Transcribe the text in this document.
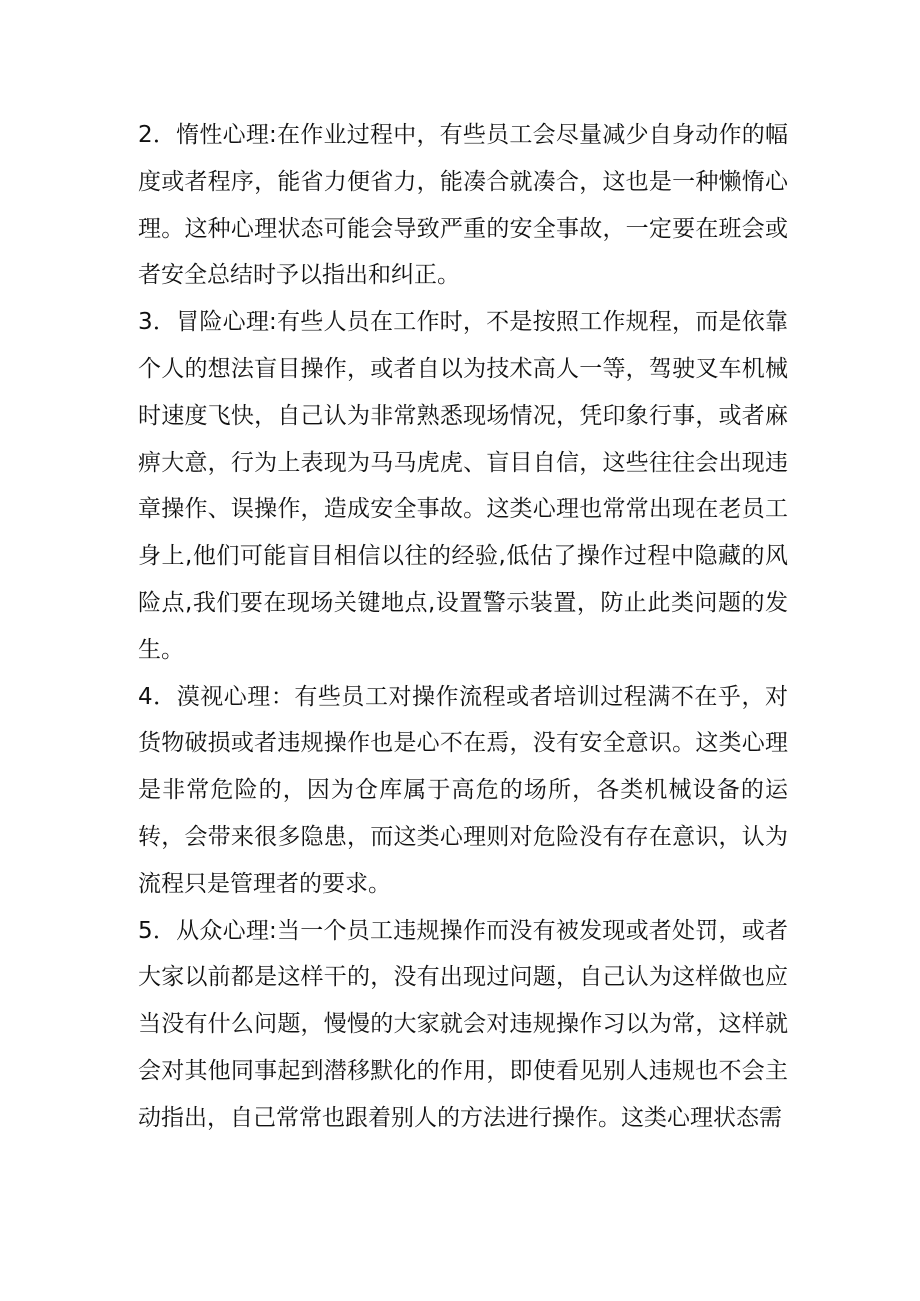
2．惰性心理:在作业过程中，有些员工会尽量减少自身动作的幅度或者程序，能省力便省力，能凑合就凑合，这也是一种懒惰心理。这种心理状态可能会导致严重的安全事故，一定要在班会或者安全总结时予以指出和纠正。

3．冒险心理:有些人员在工作时，不是按照工作规程，而是依靠个人的想法盲目操作，或者自以为技术高人一等，驾驶叉车机械时速度飞快，自己认为非常熟悉现场情况，凭印象行事，或者麻痹大意，行为上表现为马马虎虎、盲目自信，这些往往会出现违章操作、误操作，造成安全事故。这类心理也常常出现在老员工身上,他们可能盲目相信以往的经验,低估了操作过程中隐藏的风险点,我们要在现场关键地点,设置警示装置，防止此类问题的发生。

4．漠视心理：有些员工对操作流程或者培训过程满不在乎，对货物破损或者违规操作也是心不在焉，没有安全意识。这类心理是非常危险的，因为仓库属于高危的场所，各类机械设备的运转，会带来很多隐患，而这类心理则对危险没有存在意识，认为流程只是管理者的要求。

5．从众心理:当一个员工违规操作而没有被发现或者处罚，或者大家以前都是这样干的，没有出现过问题，自己认为这样做也应当没有什么问题，慢慢的大家就会对违规操作习以为常，这样就会对其他同事起到潜移默化的作用，即使看见别人违规也不会主动指出，自己常常也跟着别人的方法进行操作。这类心理状态需
